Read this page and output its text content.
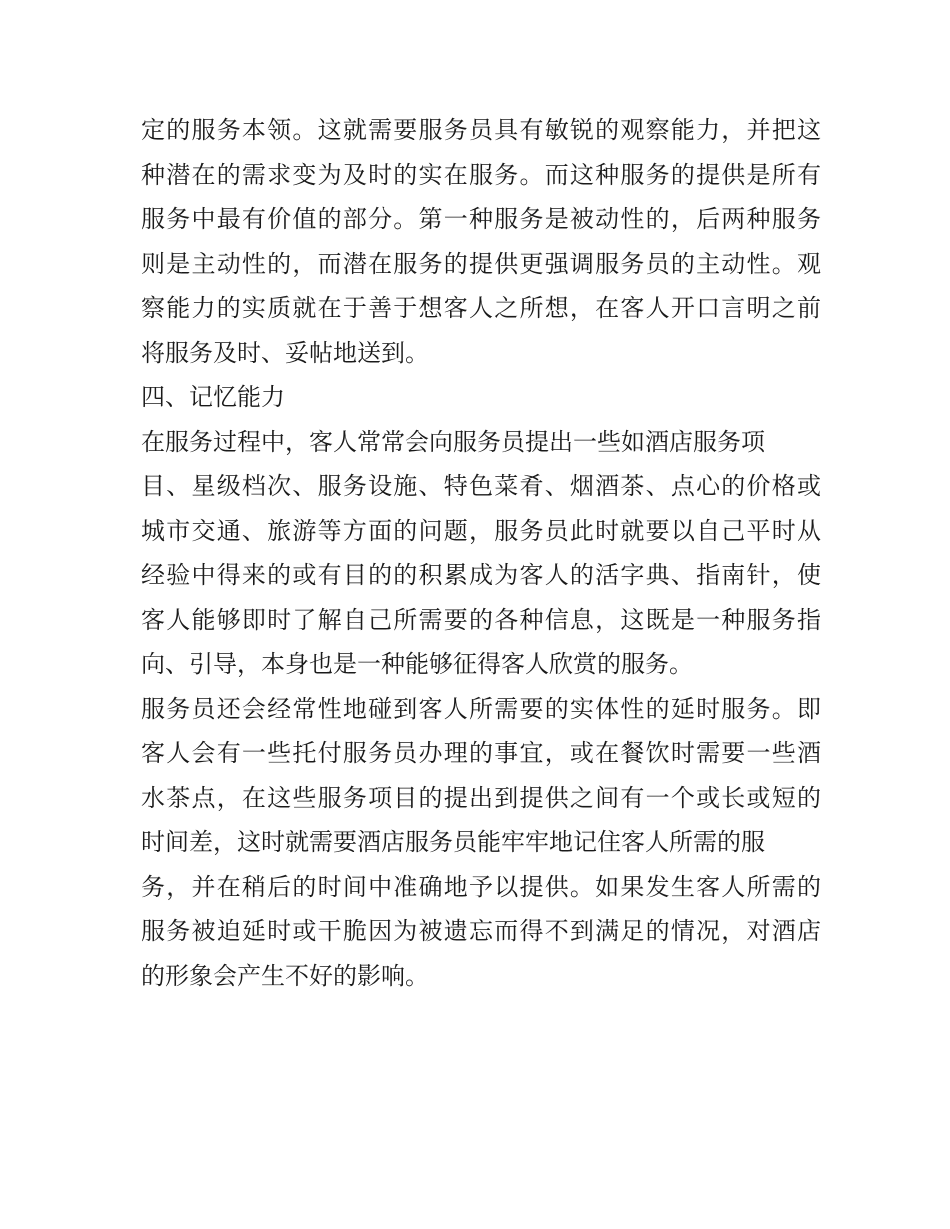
定的服务本领。这就需要服务员具有敏锐的观察能力，并把这
种潜在的需求变为及时的实在服务。而这种服务的提供是所有
服务中最有价值的部分。第一种服务是被动性的，后两种服务
则是主动性的，而潜在服务的提供更强调服务员的主动性。观
察能力的实质就在于善于想客人之所想，在客人开口言明之前
将服务及时、妥帖地送到。
四、记忆能力
在服务过程中，客人常常会向服务员提出一些如酒店服务项
目、星级档次、服务设施、特色菜肴、烟酒茶、点心的价格或
城市交通、旅游等方面的问题，服务员此时就要以自己平时从
经验中得来的或有目的的积累成为客人的活字典、指南针，使
客人能够即时了解自己所需要的各种信息，这既是一种服务指
向、引导，本身也是一种能够征得客人欣赏的服务。
服务员还会经常性地碰到客人所需要的实体性的延时服务。即
客人会有一些托付服务员办理的事宜，或在餐饮时需要一些酒
水茶点，在这些服务项目的提出到提供之间有一个或长或短的
时间差，这时就需要酒店服务员能牢牢地记住客人所需的服
务，并在稍后的时间中准确地予以提供。如果发生客人所需的
服务被迫延时或干脆因为被遗忘而得不到满足的情况，对酒店
的形象会产生不好的影响。
